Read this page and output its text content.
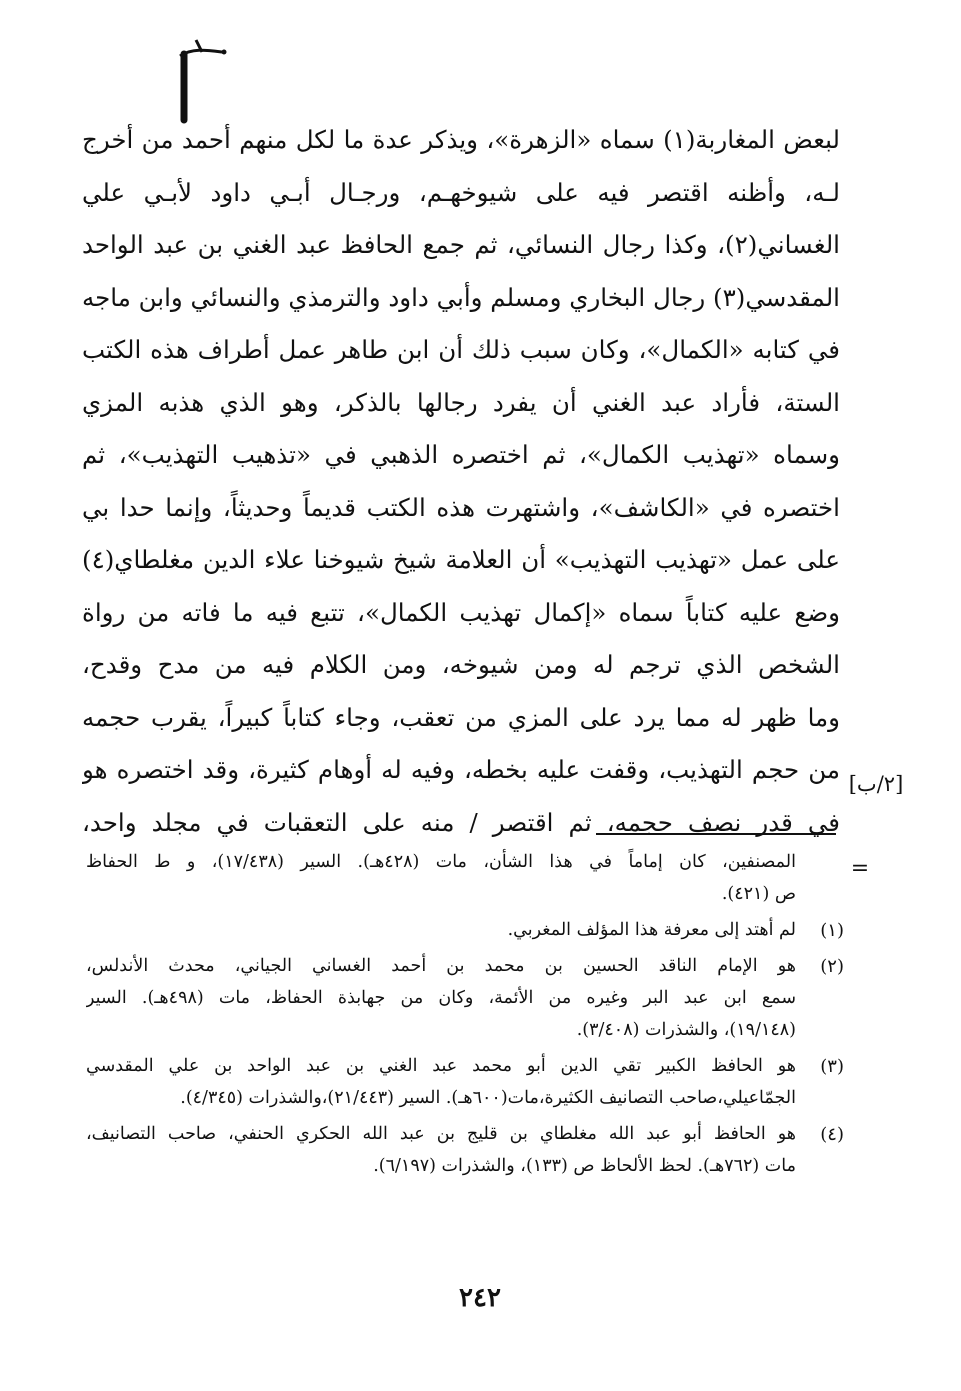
لبعض المغاربة(١) سماه «الزهرة»، ويذكر عدة ما لكل منهم أحمد من أخرج
لـه، وأظنه اقتصر فيه على شيوخهـم، ورجـال أبـي داود لأبـي علي
الغساني(٢)، وكذا رجال النسائي، ثم جمع الحافظ عبد الغني بن عبد الواحد
المقدسي(٣) رجال البخاري ومسلم وأبي داود والترمذي والنسائي وابن ماجه
في كتابه «الكمال»، وكان سبب ذلك أن ابن طاهر عمل أطراف هذه الكتب
الستة، فأراد عبد الغني أن يفرد رجالها بالذكر، وهو الذي هذبه المزي
وسماه «تهذيب الكمال»، ثم اختصره الذهبي في «تذهيب التهذيب»، ثم
اختصره في «الكاشف»، واشتهرت هذه الكتب قديماً وحديثاً، وإنما حدا بي
على عمل «تهذيب التهذيب» أن العلامة شيخ شيوخنا علاء الدين مغلطاي(٤)
وضع عليه كتاباً سماه «إكمال تهذيب الكمال»، تتبع فيه ما فاته من رواة
الشخص الذي ترجم له ومن شيوخه، ومن الكلام فيه من مدح وقدح،
وما ظهر له مما يرد على المزي من تعقب، وجاء كتاباً كبيراً، يقرب حجمه
من حجم التهذيب، وقفت عليه بخطه، وفيه له أوهام كثيرة، وقد اختصره هو
في قدر نصف حجمه، ثم اقتصر / منه على التعقبات في مجلد واحد،
[٢/ب]
=
المصنفين، كان إماماً في هذا الشأن، مات (٤٢٨هـ). السير (١٧/٤٣٨)، و ط الحفاظ
ص (٤٢١).
(١)
لم أهتد إلى معرفة هذا المؤلف المغربي.
(٢)
هو الإمام الناقد الحسين بن محمد بن أحمد الغساني الجياني، محدث الأندلس،
سمع ابن عبد البر وغيره من الأئمة، وكان من جهابذة الحفاظ، مات (٤٩٨هـ). السير
(١٩/١٤٨)، والشذرات (٣/٤٠٨).
(٣)
هو الحافظ الكبير تقي الدين أبو محمد عبد الغني بن عبد الواحد بن علي المقدسي
الجمّاعيلي،صاحب التصانيف الكثيرة،مات(٦٠٠هـ). السير (٢١/٤٤٣)،والشذرات (٤/٣٤٥).
(٤)
هو الحافظ أبو عبد الله مغلطاي بن قليج بن عبد الله الحكري الحنفي، صاحب التصانيف،
مات (٧٦٢هـ). لحظ الألحاظ ص (١٣٣)، والشذرات (٦/١٩٧).
٢٤٢
